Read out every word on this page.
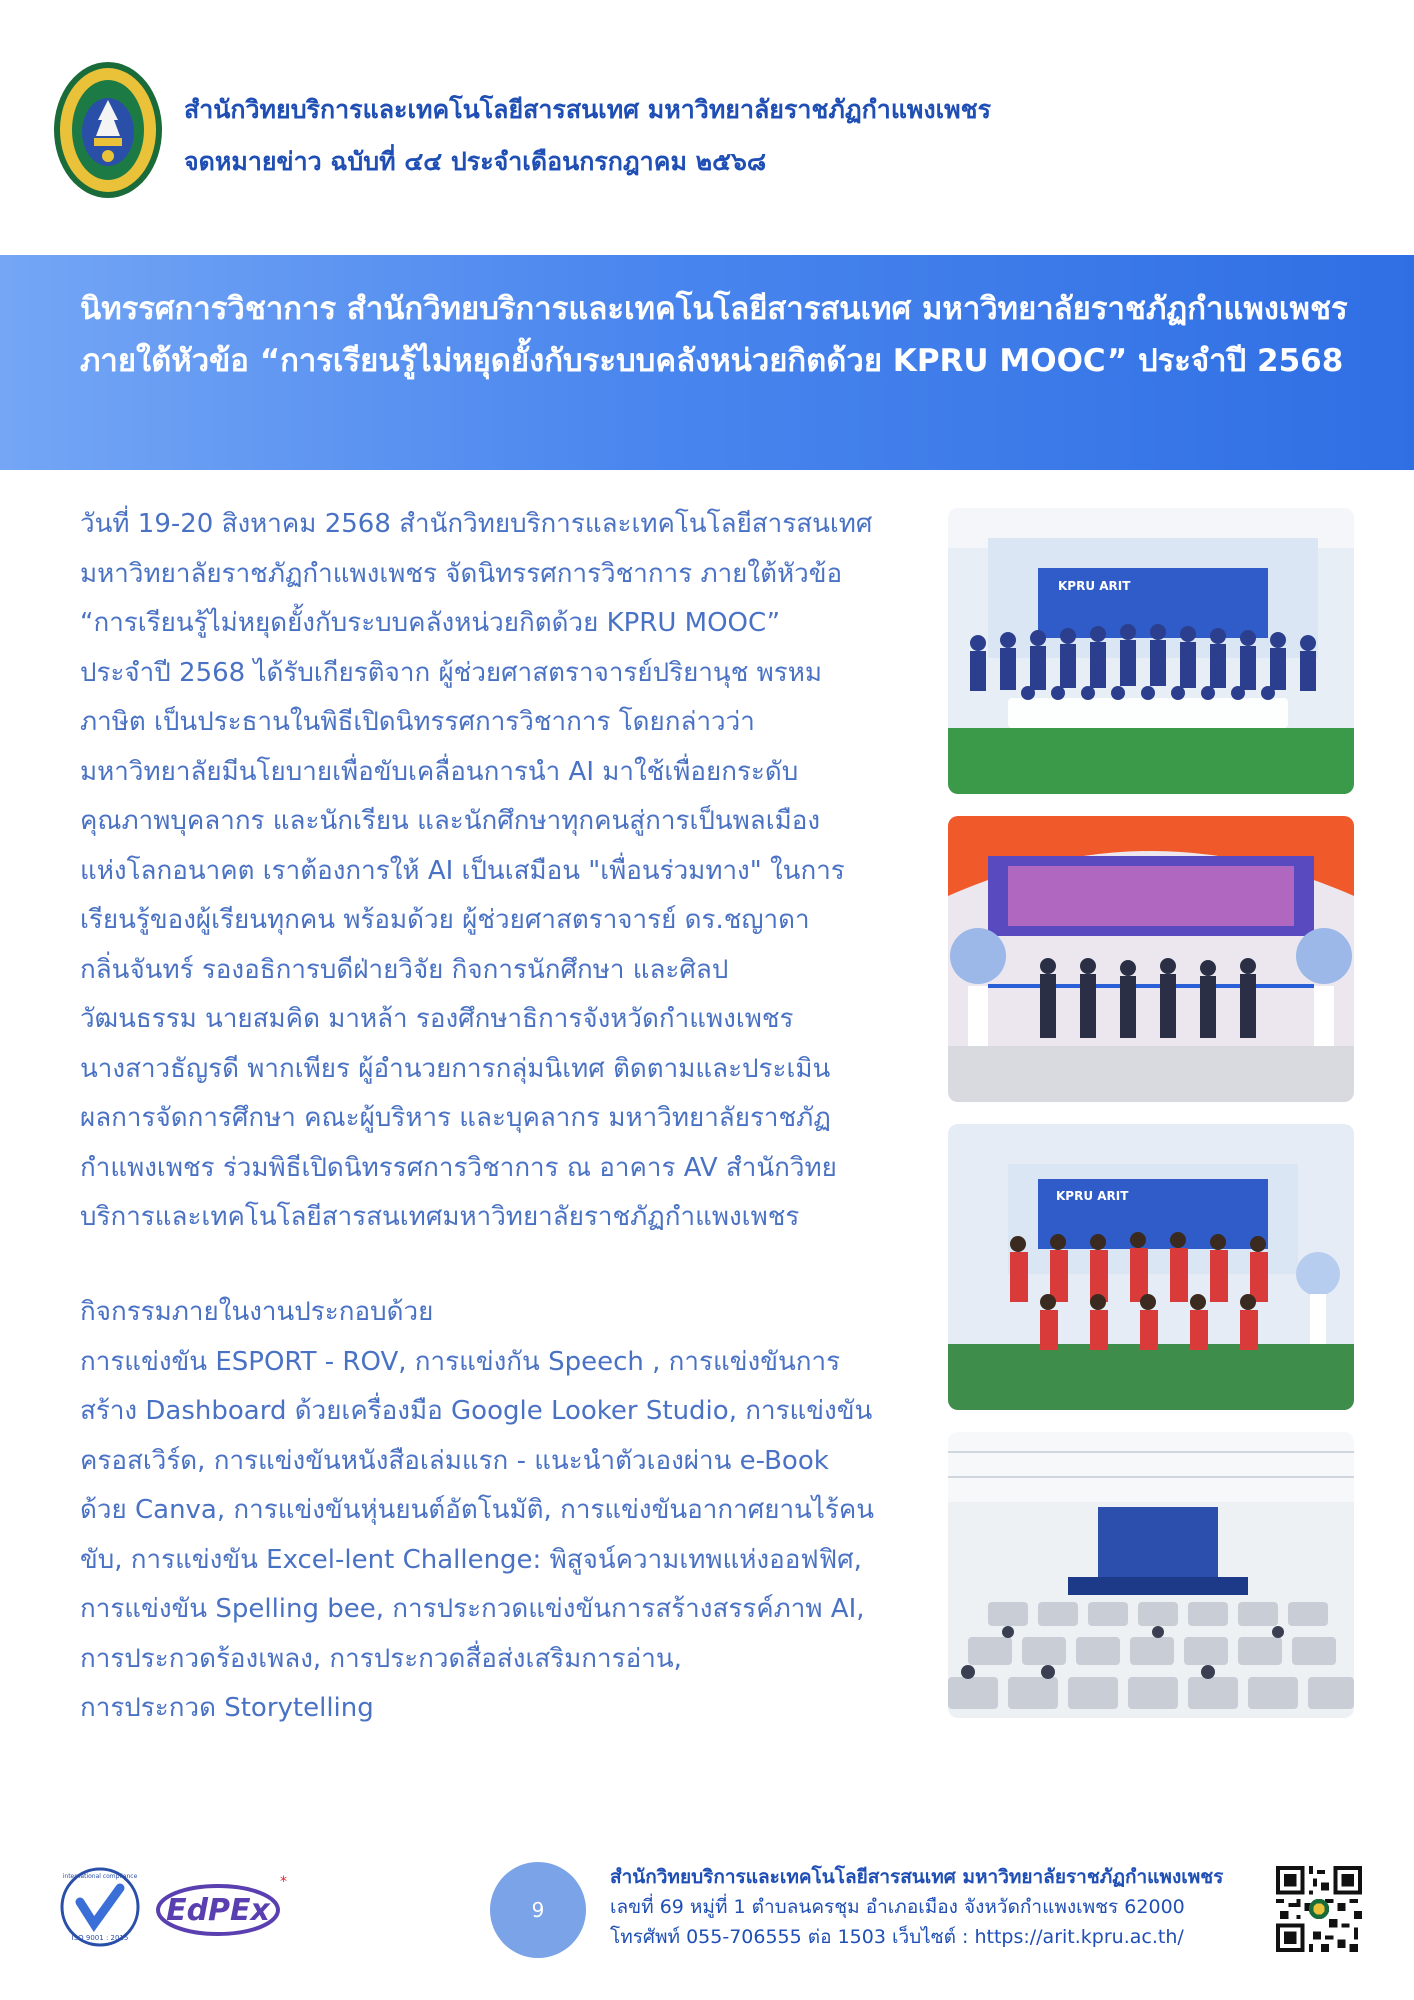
สำนักวิทยบริการและเทคโนโลยีสารสนเทศ มหาวิทยาลัยราชภัฏกำแพงเพชร
จดหมายข่าว ฉบับที่ ๔๔ ประจำเดือนกรกฎาคม ๒๕๖๘
นิทรรศการวิชาการ สำนักวิทยบริการและเทคโนโลยีสารสนเทศ มหาวิทยาลัยราชภัฏกำแพงเพชร ภายใต้หัวข้อ “การเรียนรู้ไม่หยุดยั้งกับระบบคลังหน่วยกิตด้วย KPRU MOOC” ประจำปี 2568

วันที่ 19-20 สิงหาคม 2568 สำนักวิทยบริการและเทคโนโลยีสารสนเทศ

มหาวิทยาลัยราชภัฏกำแพงเพชร จัดนิทรรศการวิชาการ ภายใต้หัวข้อ

“การเรียนรู้ไม่หยุดยั้งกับระบบคลังหน่วยกิตด้วย KPRU MOOC”

ประจำปี 2568 ได้รับเกียรติจาก ผู้ช่วยศาสตราจารย์ปริยานุช พรหม

ภาษิต เป็นประธานในพิธีเปิดนิทรรศการวิชาการ โดยกล่าวว่า

มหาวิทยาลัยมีนโยบายเพื่อขับเคลื่อนการนำ AI มาใช้เพื่อยกระดับ

คุณภาพบุคลากร และนักเรียน และนักศึกษาทุกคนสู่การเป็นพลเมือง

แห่งโลกอนาคต เราต้องการให้ AI เป็นเสมือน "เพื่อนร่วมทาง" ในการ

เรียนรู้ของผู้เรียนทุกคน พร้อมด้วย ผู้ช่วยศาสตราจารย์ ดร.ชญาดา

กลิ่นจันทร์ รองอธิการบดีฝ่ายวิจัย กิจการนักศึกษา และศิลป

วัฒนธรรม นายสมคิด มาหล้า รองศึกษาธิการจังหวัดกำแพงเพชร

นางสาวธัญรดี พากเพียร ผู้อำนวยการกลุ่มนิเทศ ติดตามและประเมิน

ผลการจัดการศึกษา คณะผู้บริหาร และบุคลากร มหาวิทยาลัยราชภัฏ

กำแพงเพชร ร่วมพิธีเปิดนิทรรศการวิชาการ ณ อาคาร AV สำนักวิทย

บริการและเทคโนโลยีสารสนเทศมหาวิทยาลัยราชภัฏกำแพงเพชร

กิจกรรมภายในงานประกอบด้วย

การแข่งขัน ESPORT - ROV, การแข่งกัน Speech , การแข่งขันการ

สร้าง Dashboard ด้วยเครื่องมือ Google Looker Studio, การแข่งขัน

ครอสเวิร์ด, การแข่งขันหนังสือเล่มแรก - แนะนำตัวเองผ่าน e-Book

ด้วย Canva, การแข่งขันหุ่นยนต์อัตโนมัติ, การแข่งขันอากาศยานไร้คน

ขับ, การแข่งขัน Excel-lent Challenge: พิสูจน์ความเทพแห่งออฟฟิศ,

การแข่งขัน Spelling bee, การประกวดแข่งขันการสร้างสรรค์ภาพ AI,

การประกวดร้องเพลง, การประกวดสื่อส่งเสริมการอ่าน,

การประกวด Storytelling

KPRU ARIT
KPRU ARIT
ISO 9001 : 2015
international compliance
EdPEx
*
9
สำนักวิทยบริการและเทคโนโลยีสารสนเทศ มหาวิทยาลัยราชภัฏกำแพงเพชร
เลขที่ 69 หมู่ที่ 1 ตำบลนครชุม อำเภอเมือง จังหวัดกำแพงเพชร 62000
โทรศัพท์ 055-706555 ต่อ 1503 เว็บไซต์ : https://arit.kpru.ac.th/
